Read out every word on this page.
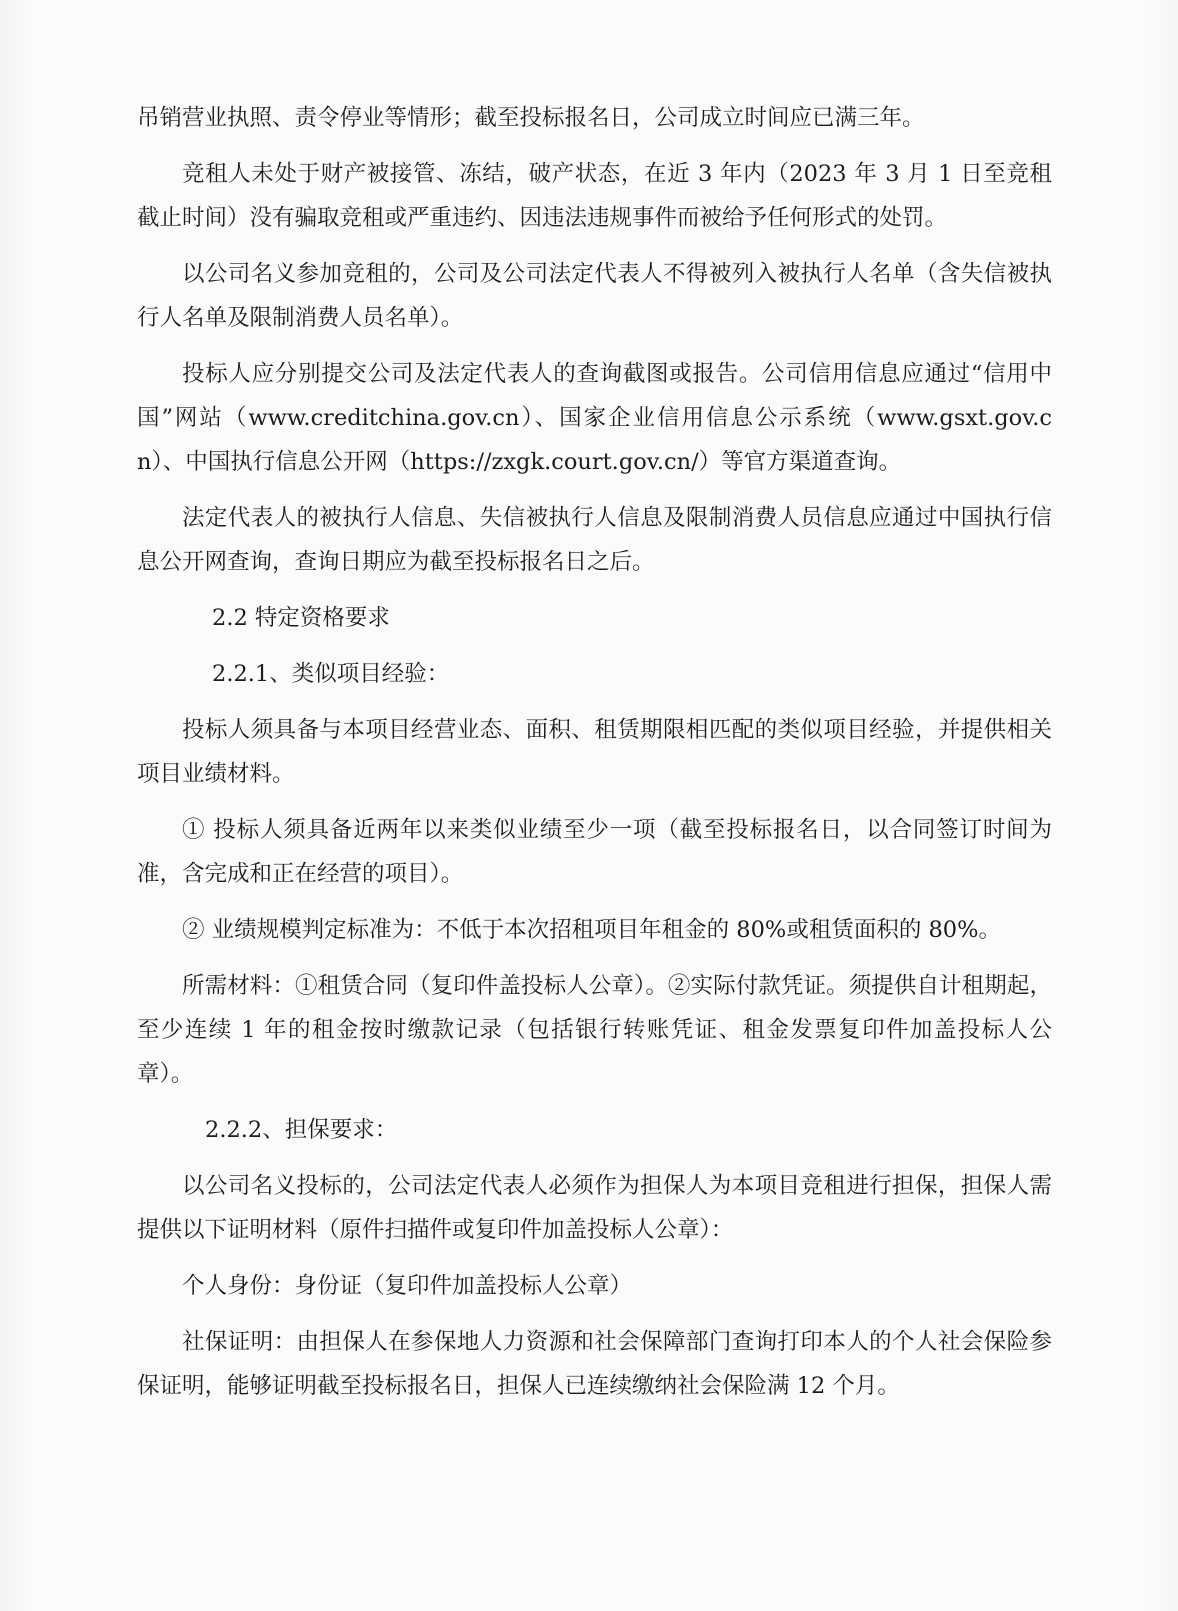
吊销营业执照、责令停业等情形；截至投标报名日，公司成立时间应已满三年。

竞租人未处于财产被接管、冻结，破产状态，在近 3 年内（2023 年 3 月 1 日至竞租截止时间）没有骗取竞租或严重违约、因违法违规事件而被给予任何形式的处罚。

以公司名义参加竞租的，公司及公司法定代表人不得被列入被执行人名单（含失信被执行人名单及限制消费人员名单）。

投标人应分别提交公司及法定代表人的查询截图或报告。公司信用信息应通过“信用中国”网站（www.creditchina.gov.cn）、国家企业信用信息公示系统（www.gsxt.gov.cn）、中国执行信息公开网（https://zxgk.court.gov.cn/）等官方渠道查询。

法定代表人的被执行人信息、失信被执行人信息及限制消费人员信息应通过中国执行信息公开网查询，查询日期应为截至投标报名日之后。

2.2 特定资格要求

2.2.1、类似项目经验：

投标人须具备与本项目经营业态、面积、租赁期限相匹配的类似项目经验，并提供相关项目业绩材料。

① 投标人须具备近两年以来类似业绩至少一项（截至投标报名日，以合同签订时间为准，含完成和正在经营的项目）。

② 业绩规模判定标准为：不低于本次招租项目年租金的 80%或租赁面积的 80%。

所需材料：①租赁合同（复印件盖投标人公章）。②实际付款凭证。须提供自计租期起，至少连续 1 年的租金按时缴款记录（包括银行转账凭证、租金发票复印件加盖投标人公章）。

2.2.2、担保要求：

以公司名义投标的，公司法定代表人必须作为担保人为本项目竞租进行担保，担保人需提供以下证明材料（原件扫描件或复印件加盖投标人公章）：

个人身份：身份证（复印件加盖投标人公章）

社保证明：由担保人在参保地人力资源和社会保障部门查询打印本人的个人社会保险参保证明，能够证明截至投标报名日，担保人已连续缴纳社会保险满 12 个月。
